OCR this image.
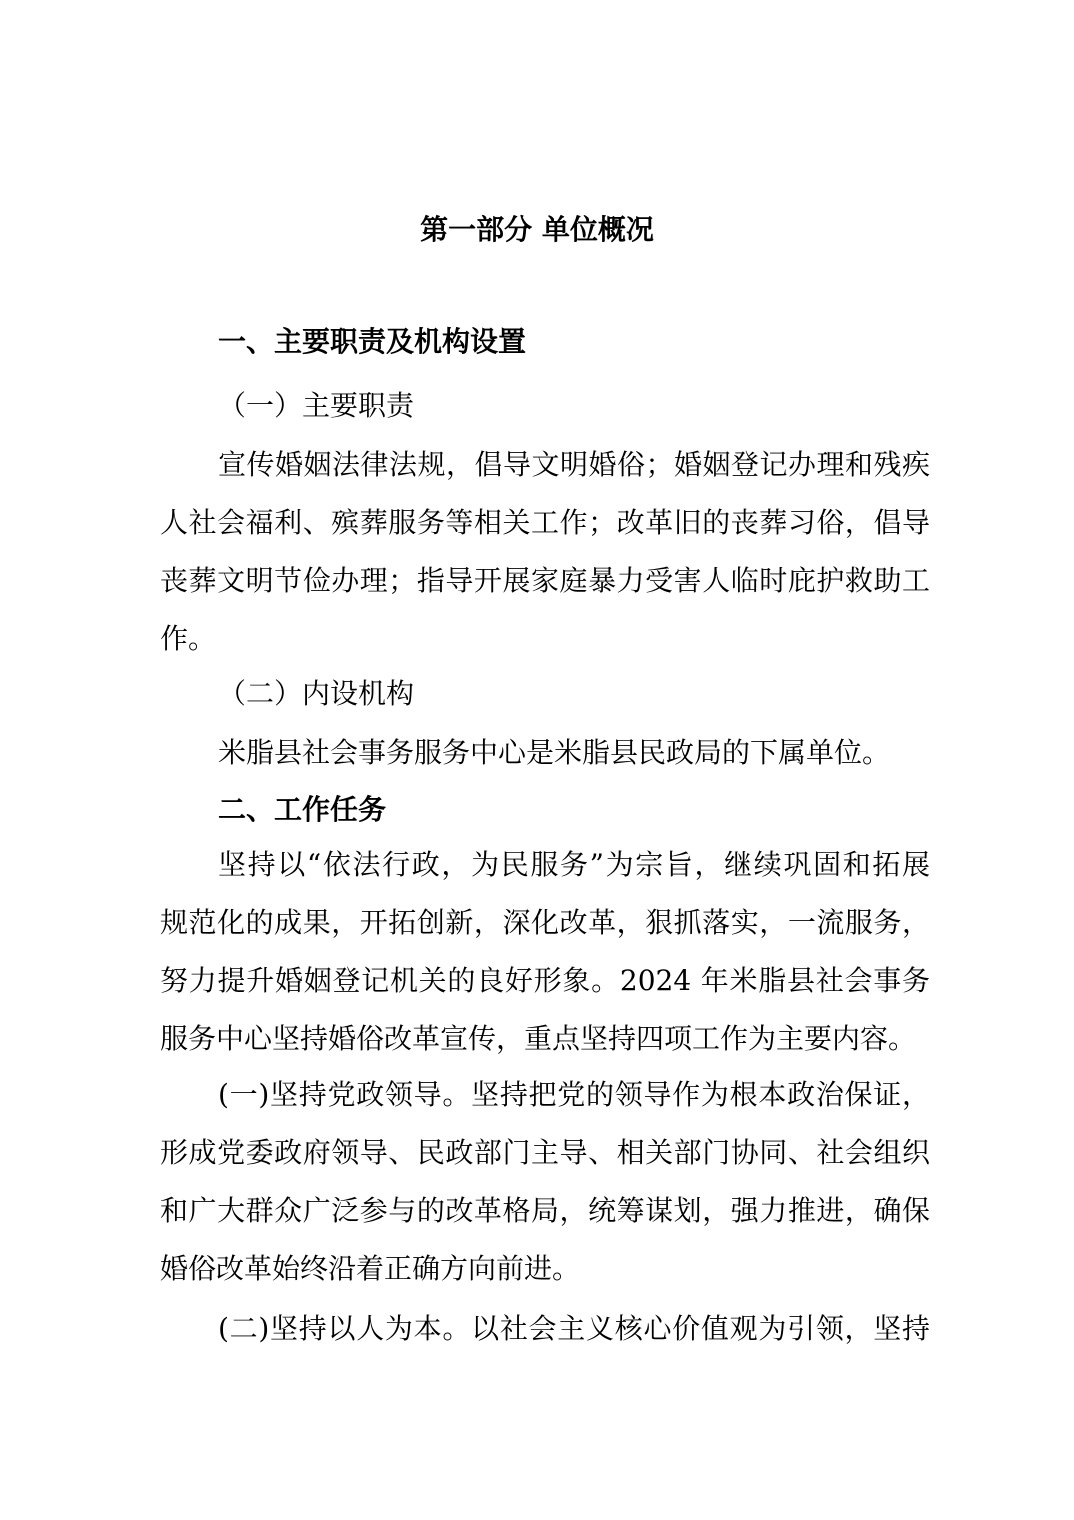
第一部分 单位概况
一、主要职责及机构设置
（一）主要职责
宣传婚姻法律法规，倡导文明婚俗；婚姻登记办理和残疾
人社会福利、殡葬服务等相关工作；改革旧的丧葬习俗，倡导
丧葬文明节俭办理；指导开展家庭暴力受害人临时庇护救助工
作。
（二）内设机构
米脂县社会事务服务中心是米脂县民政局的下属单位。
二、工作任务
坚持以“依法行政，为民服务”为宗旨，继续巩固和拓展
规范化的成果，开拓创新，深化改革，狠抓落实，一流服务，
努力提升婚姻登记机关的良好形象。2024 年米脂县社会事务
服务中心坚持婚俗改革宣传，重点坚持四项工作为主要内容。
(一)坚持党政领导。坚持把党的领导作为根本政治保证，
形成党委政府领导、民政部门主导、相关部门协同、社会组织
和广大群众广泛参与的改革格局，统筹谋划，强力推进，确保
婚俗改革始终沿着正确方向前进。
(二)坚持以人为本。以社会主义核心价值观为引领，坚持
